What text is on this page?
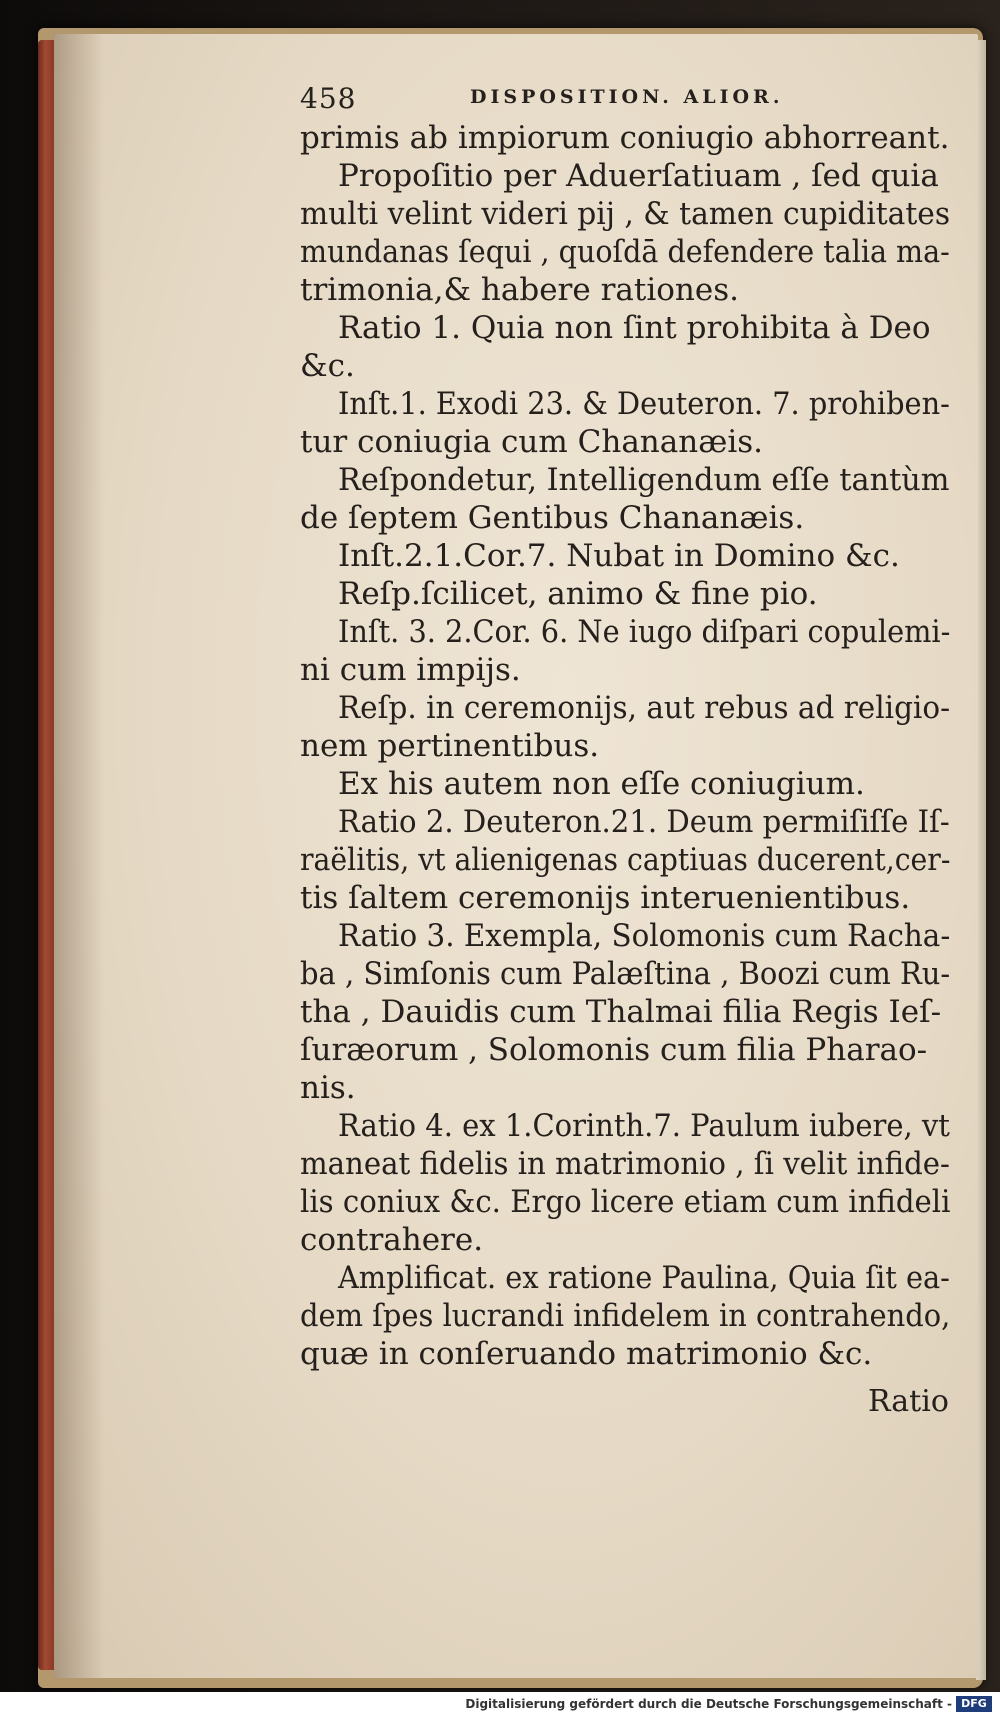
458	DISPOSITION. ALIOR.
primis ab impiorum coniugio abhorreant.
Propoſitio per Aduerſatiuam , ſed quia
multi velint videri pij , & tamen cupiditates
mundanas ſequi , quoſdā defendere talia ma-
trimonia,& habere rationes.
Ratio 1. Quia non ſint prohibita à Deo
&c.
Inſt.1. Exodi 23. & Deuteron. 7. prohiben-
tur coniugia cum Chananæis.
Reſpondetur, Intelligendum eſſe tantùm
de ſeptem Gentibus Chananæis.
Inſt.2.1.Cor.7. Nubat in Domino &c.
Reſp.ſcilicet, animo & fine pio.
Inſt. 3. 2.Cor. 6. Ne iugo diſpari copulemi-
ni cum impijs.
Reſp. in ceremonijs, aut rebus ad religio-
nem pertinentibus.
Ex his autem non eſſe coniugium.
Ratio 2. Deuteron.21. Deum permiſiſſe Iſ-
raëlitis, vt alienigenas captiuas ducerent,cer-
tis ſaltem ceremonijs interuenientibus.
Ratio 3. Exempla, Solomonis cum Racha-
ba , Simſonis cum Palæſtina , Boozi cum Ru-
tha , Dauidis cum Thalmai filia Regis Ieſ-
ſuræorum , Solomonis cum filia Pharao-
nis.
Ratio 4. ex 1.Corinth.7. Paulum iubere, vt
maneat fidelis in matrimonio , ſi velit infide-
lis coniux &c. Ergo licere etiam cum infideli
contrahere.
Amplificat. ex ratione Paulina, Quia ſit ea-
dem ſpes lucrandi infidelem in contrahendo,
quæ in conſeruando matrimonio &c.
Ratio
Digitalisierung gefördert durch die Deutsche Forschungsgemeinschaft - DFG
